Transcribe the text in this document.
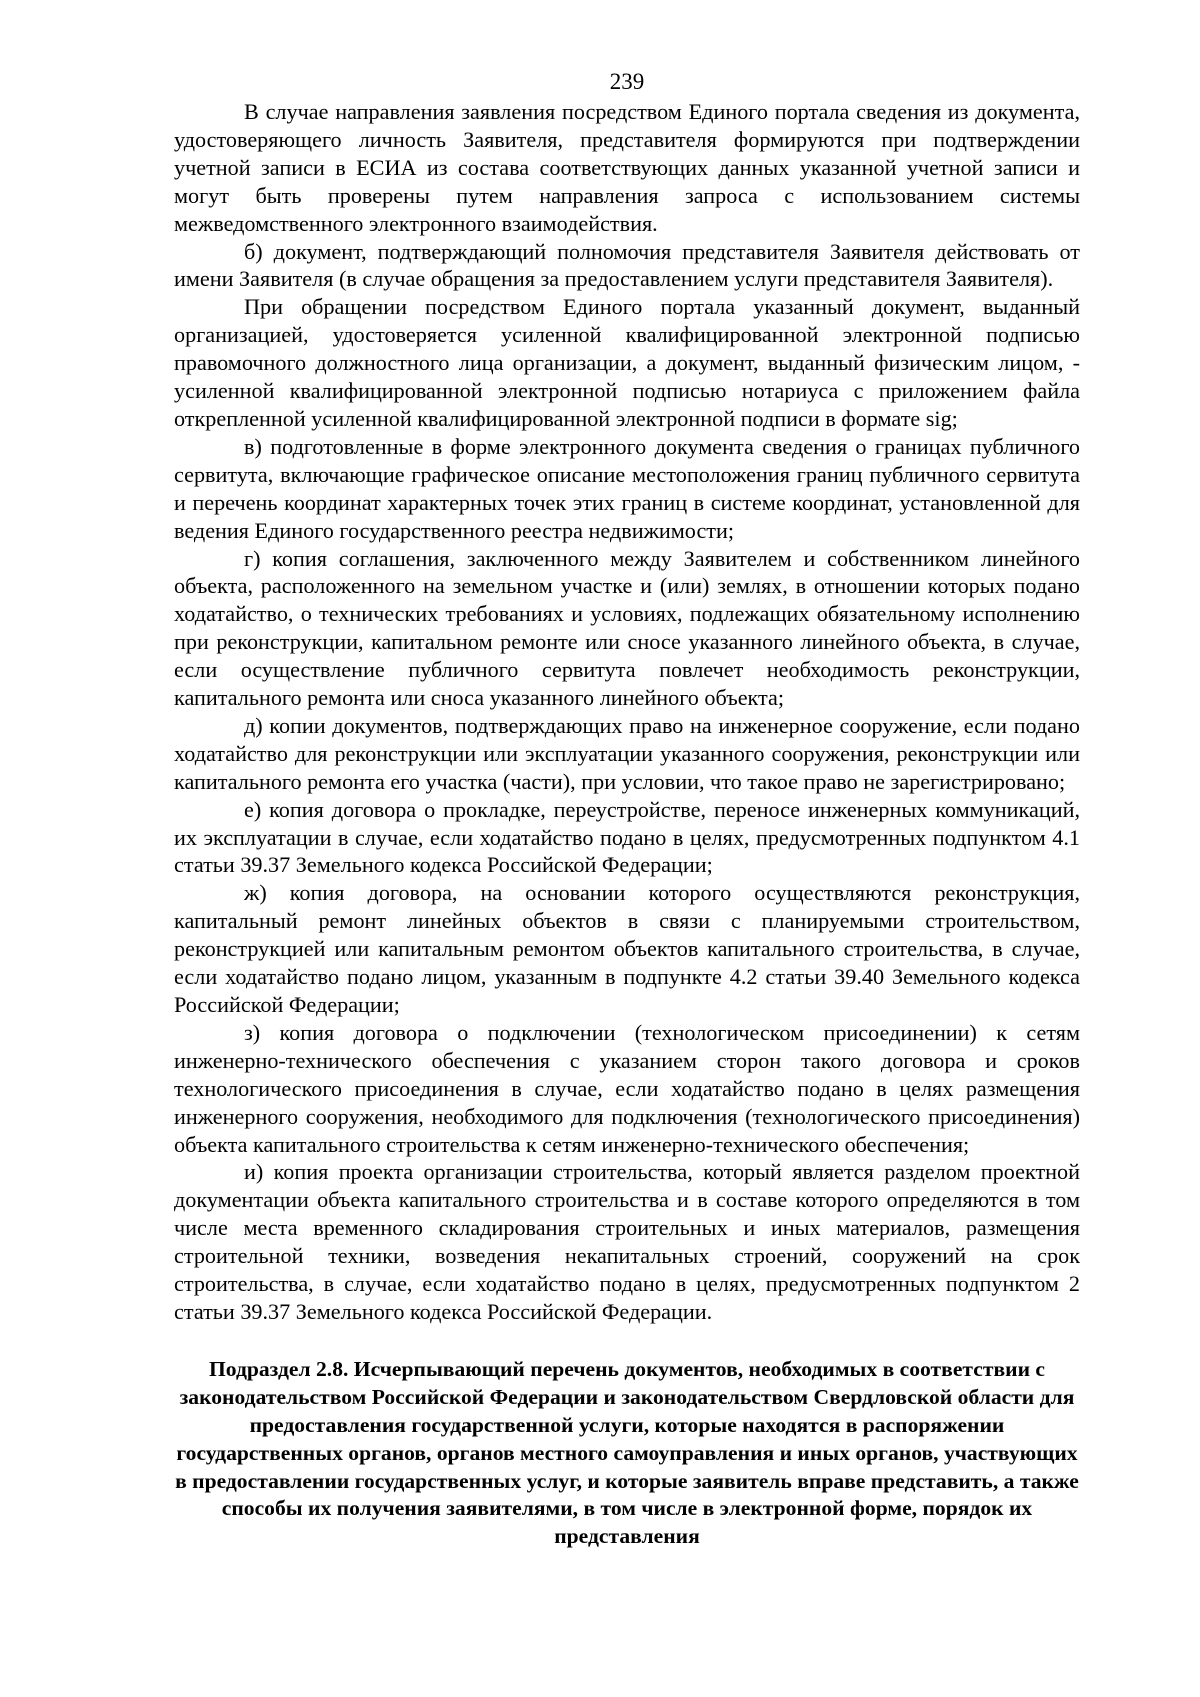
239

В случае направления заявления посредством Единого портала сведения из документа, удостоверяющего личность Заявителя, представителя формируются при подтверждении учетной записи в ЕСИА из состава соответствующих данных указанной учетной записи и могут быть проверены путем направления запроса с использованием системы межведомственного электронного взаимодействия.

б) документ, подтверждающий полномочия представителя Заявителя действовать от имени Заявителя (в случае обращения за предоставлением услуги представителя Заявителя).

При обращении посредством Единого портала указанный документ, выданный организацией, удостоверяется усиленной квалифицированной электронной подписью правомочного должностного лица организации, а документ, выданный физическим лицом, - усиленной квалифицированной электронной подписью нотариуса с приложением файла открепленной усиленной квалифицированной электронной подписи в формате sig;

в) подготовленные в форме электронного документа сведения о границах публичного сервитута, включающие графическое описание местоположения границ публичного сервитута и перечень координат характерных точек этих границ в системе координат, установленной для ведения Единого государственного реестра недвижимости;

г) копия соглашения, заключенного между Заявителем и собственником линейного объекта, расположенного на земельном участке и (или) землях, в отношении которых подано ходатайство, о технических требованиях и условиях, подлежащих обязательному исполнению при реконструкции, капитальном ремонте или сносе указанного линейного объекта, в случае, если осуществление публичного сервитута повлечет необходимость реконструкции, капитального ремонта или сноса указанного линейного объекта;

д) копии документов, подтверждающих право на инженерное сооружение, если подано ходатайство для реконструкции или эксплуатации указанного сооружения, реконструкции или капитального ремонта его участка (части), при условии, что такое право не зарегистрировано;

е) копия договора о прокладке, переустройстве, переносе инженерных коммуникаций, их эксплуатации в случае, если ходатайство подано в целях, предусмотренных подпунктом 4.1 статьи 39.37 Земельного кодекса Российской Федерации;

ж) копия договора, на основании которого осуществляются реконструкция, капитальный ремонт линейных объектов в связи с планируемыми строительством, реконструкцией или капитальным ремонтом объектов капитального строительства, в случае, если ходатайство подано лицом, указанным в подпункте 4.2 статьи 39.40 Земельного кодекса Российской Федерации;

з) копия договора о подключении (технологическом присоединении) к сетям инженерно-технического обеспечения с указанием сторон такого договора и сроков технологического присоединения в случае, если ходатайство подано в целях размещения инженерного сооружения, необходимого для подключения (технологического присоединения) объекта капитального строительства к сетям инженерно-технического обеспечения;

и) копия проекта организации строительства, который является разделом проектной документации объекта капитального строительства и в составе которого определяются в том числе места временного складирования строительных и иных материалов, размещения строительной техники, возведения некапитальных строений, сооружений на срок строительства, в случае, если ходатайство подано в целях, предусмотренных подпунктом 2 статьи 39.37 Земельного кодекса Российской Федерации.

Подраздел 2.8. Исчерпывающий перечень документов, необходимых в соответствии с законодательством Российской Федерации и законодательством Свердловской области для предоставления государственной услуги, которые находятся в распоряжении государственных органов, органов местного самоуправления и иных органов, участвующих в предоставлении государственных услуг, и которые заявитель вправе представить, а также способы их получения заявителями, в том числе в электронной форме, порядок их представления
